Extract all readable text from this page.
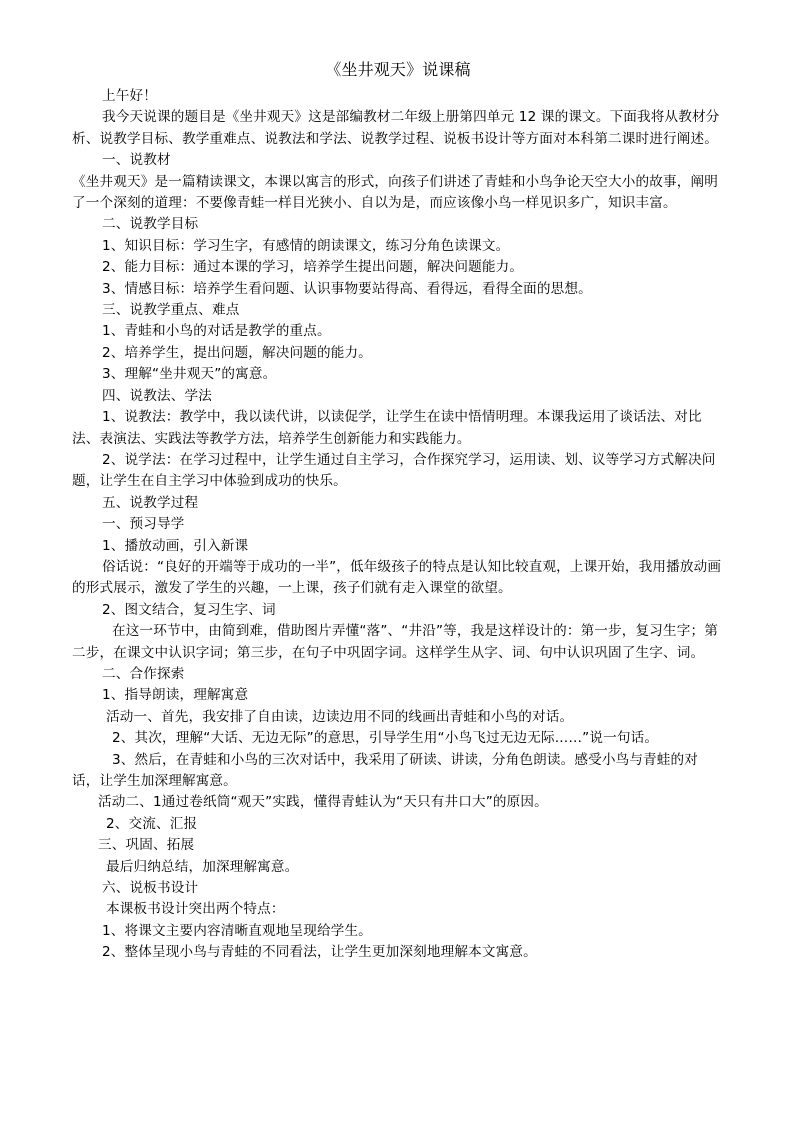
《坐井观天》说课稿

上午好！

我今天说课的题目是《坐井观天》这是部编教材二年级上册第四单元 12 课的课文。下面我将从教材分析、说教学目标、教学重难点、说教法和学法、说教学过程、说板书设计等方面对本科第二课时进行阐述。

一、说教材

《坐井观天》是一篇精读课文，本课以寓言的形式，向孩子们讲述了青蛙和小鸟争论天空大小的故事，阐明了一个深刻的道理：不要像青蛙一样目光狭小、自以为是，而应该像小鸟一样见识多广，知识丰富。

二、说教学目标

1、知识目标：学习生字，有感情的朗读课文，练习分角色读课文。

2、能力目标：通过本课的学习，培养学生提出问题，解决问题能力。

3、情感目标：培养学生看问题、认识事物要站得高、看得远，看得全面的思想。

三、说教学重点、难点

1、青蛙和小鸟的对话是教学的重点。

2、培养学生，提出问题，解决问题的能力。

3、理解“坐井观天”的寓意。

四、说教法、学法

1、说教法：教学中，我以读代讲，以读促学，让学生在读中悟情明理。本课我运用了谈话法、对比法、表演法、实践法等教学方法，培养学生创新能力和实践能力。

2、说学法：在学习过程中，让学生通过自主学习，合作探究学习，运用读、划、议等学习方式解决问题，让学生在自主学习中体验到成功的快乐。

五、说教学过程

一、预习导学

1、播放动画，引入新课

俗话说：“良好的开端等于成功的一半”，低年级孩子的特点是认知比较直观，上课开始，我用播放动画的形式展示，激发了学生的兴趣，一上课，孩子们就有走入课堂的欲望。

2、图文结合，复习生字、词

在这一环节中，由简到难，借助图片弄懂“落”、“井沿”等，我是这样设计的：第一步，复习生字；第二步，在课文中认识字词；第三步，在句子中巩固字词。这样学生从字、词、句中认识巩固了生字、词。

二、合作探索

1、指导朗读，理解寓意

活动一、首先，我安排了自由读，边读边用不同的线画出青蛙和小鸟的对话。

2、其次，理解“大话、无边无际”的意思，引导学生用“小鸟飞过无边无际……”说一句话。

3、然后，在青蛙和小鸟的三次对话中，我采用了研读、讲读，分角色朗读。感受小鸟与青蛙的对话，让学生加深理解寓意。

活动二、1通过卷纸筒“观天”实践，懂得青蛙认为“天只有井口大”的原因。

2、交流、汇报

三、巩固、拓展

最后归纳总结，加深理解寓意。

六、说板书设计

本课板书设计突出两个特点：

1、将课文主要内容清晰直观地呈现给学生。

2、整体呈现小鸟与青蛙的不同看法，让学生更加深刻地理解本文寓意。
